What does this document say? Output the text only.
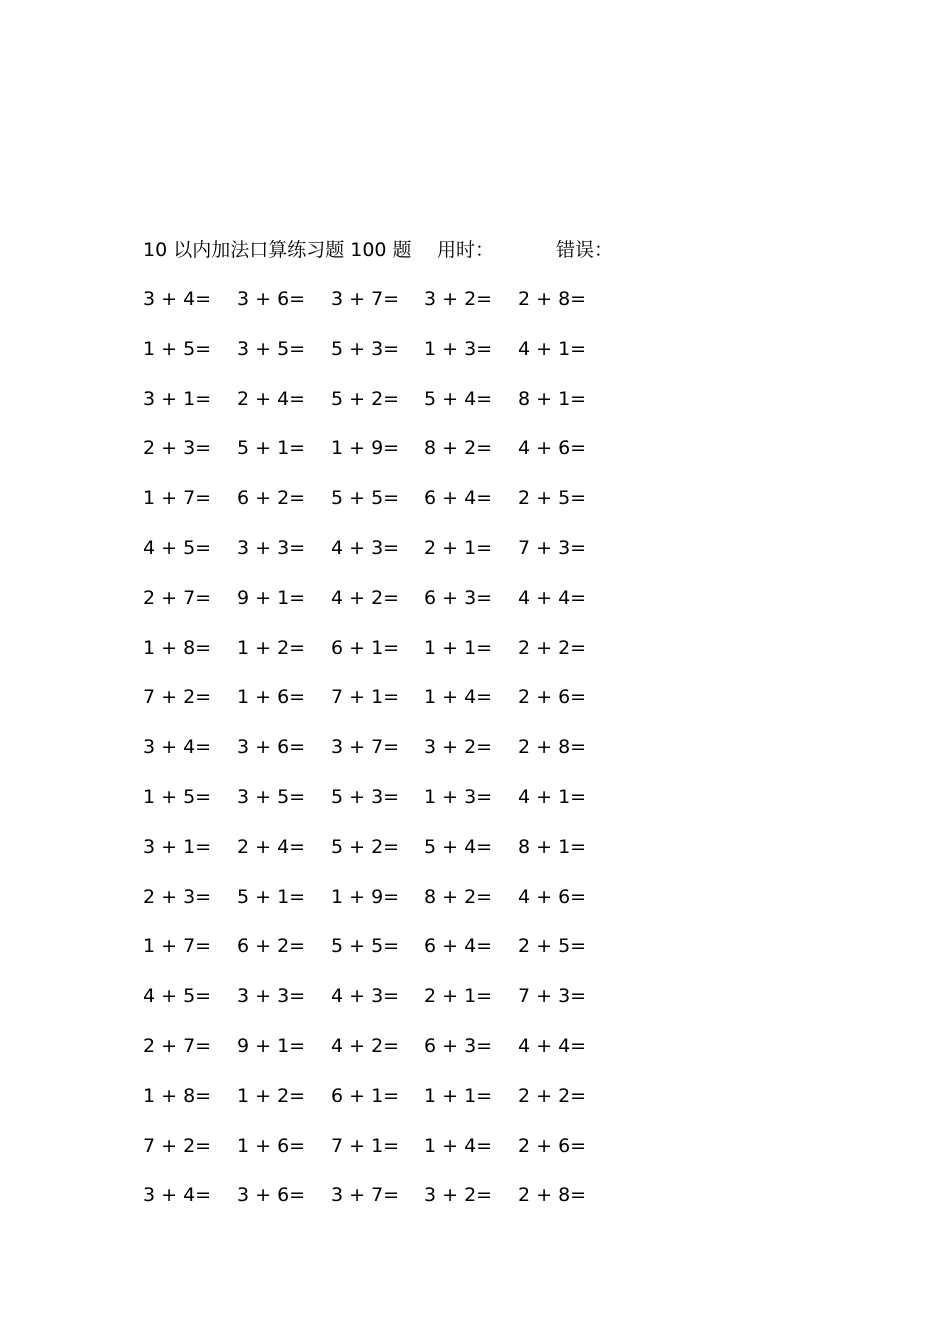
10 以内加法口算练习题 100 题 用时：	错误：
3 + 4= 3 + 6= 3 + 7= 3 + 2= 2 + 8=
1 + 5= 3 + 5= 5 + 3= 1 + 3= 4 + 1=
3 + 1= 2 + 4= 5 + 2= 5 + 4= 8 + 1=
2 + 3= 5 + 1= 1 + 9= 8 + 2= 4 + 6=
1 + 7= 6 + 2= 5 + 5= 6 + 4= 2 + 5=
4 + 5= 3 + 3= 4 + 3= 2 + 1= 7 + 3=
2 + 7= 9 + 1= 4 + 2= 6 + 3= 4 + 4=
1 + 8= 1 + 2= 6 + 1= 1 + 1= 2 + 2=
7 + 2= 1 + 6= 7 + 1= 1 + 4= 2 + 6=
3 + 4= 3 + 6= 3 + 7= 3 + 2= 2 + 8=
1 + 5= 3 + 5= 5 + 3= 1 + 3= 4 + 1=
3 + 1= 2 + 4= 5 + 2= 5 + 4= 8 + 1=
2 + 3= 5 + 1= 1 + 9= 8 + 2= 4 + 6=
1 + 7= 6 + 2= 5 + 5= 6 + 4= 2 + 5=
4 + 5= 3 + 3= 4 + 3= 2 + 1= 7 + 3=
2 + 7= 9 + 1= 4 + 2= 6 + 3= 4 + 4=
1 + 8= 1 + 2= 6 + 1= 1 + 1= 2 + 2=
7 + 2= 1 + 6= 7 + 1= 1 + 4= 2 + 6=
3 + 4= 3 + 6= 3 + 7= 3 + 2= 2 + 8=
